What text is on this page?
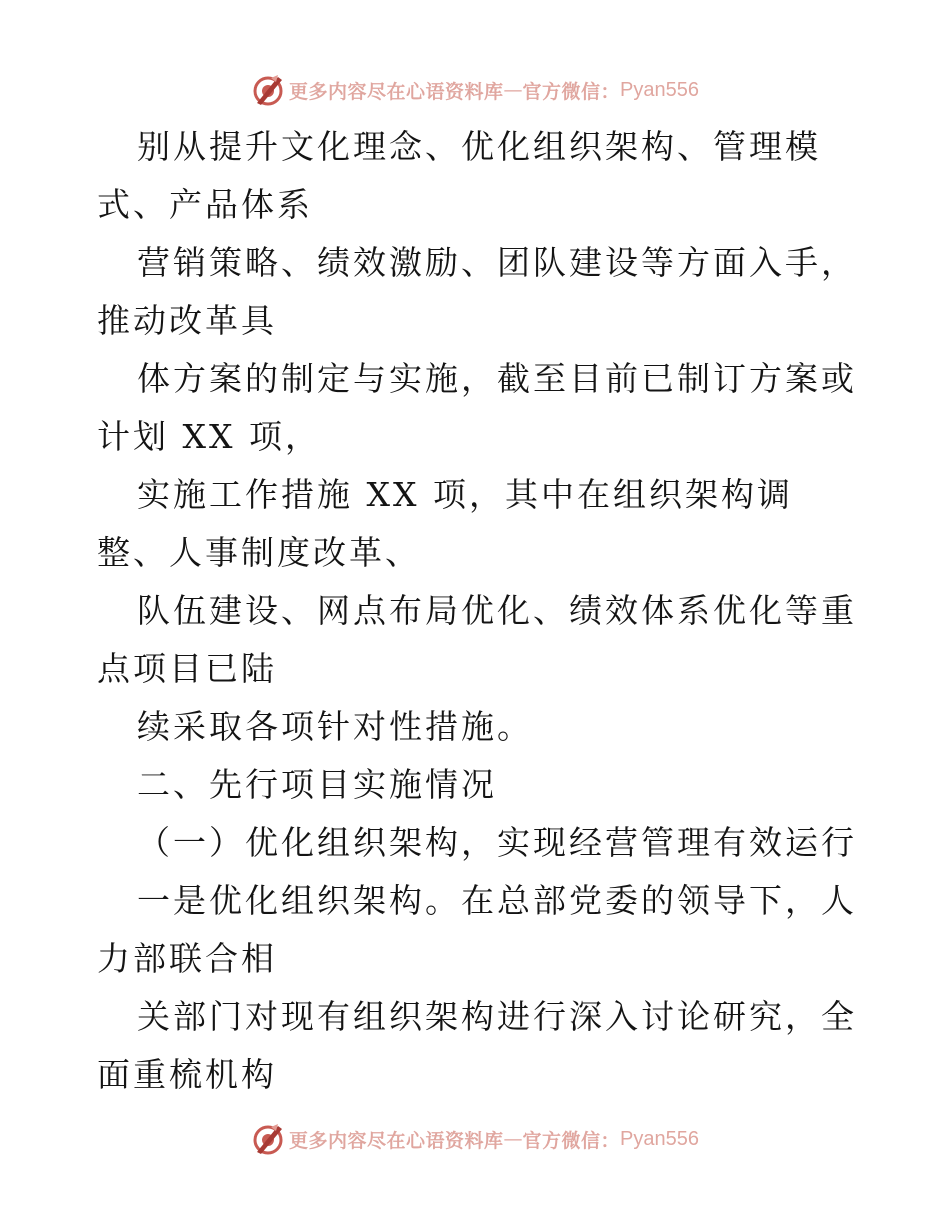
更多内容尽在心语资料库 — 官方微信： Pyan556

别从提升文化理念、优化组织架构、管理模式、产品体系

营销策略、绩效激励、团队建设等方面入手，推动改革具

体方案的制定与实施，截至目前已制订方案或计划 XX 项，

实施工作措施 XX 项，其中在组织架构调整、人事制度改革、

队伍建设、网点布局优化、绩效体系优化等重点项目已陆

续采取各项针对性措施。

二、先行项目实施情况

（一）优化组织架构，实现经营管理有效运行

一是优化组织架构。在总部党委的领导下，人力部联合相

关部门对现有组织架构进行深入讨论研究，全面重梳机构

更多内容尽在心语资料库 — 官方微信： Pyan556
